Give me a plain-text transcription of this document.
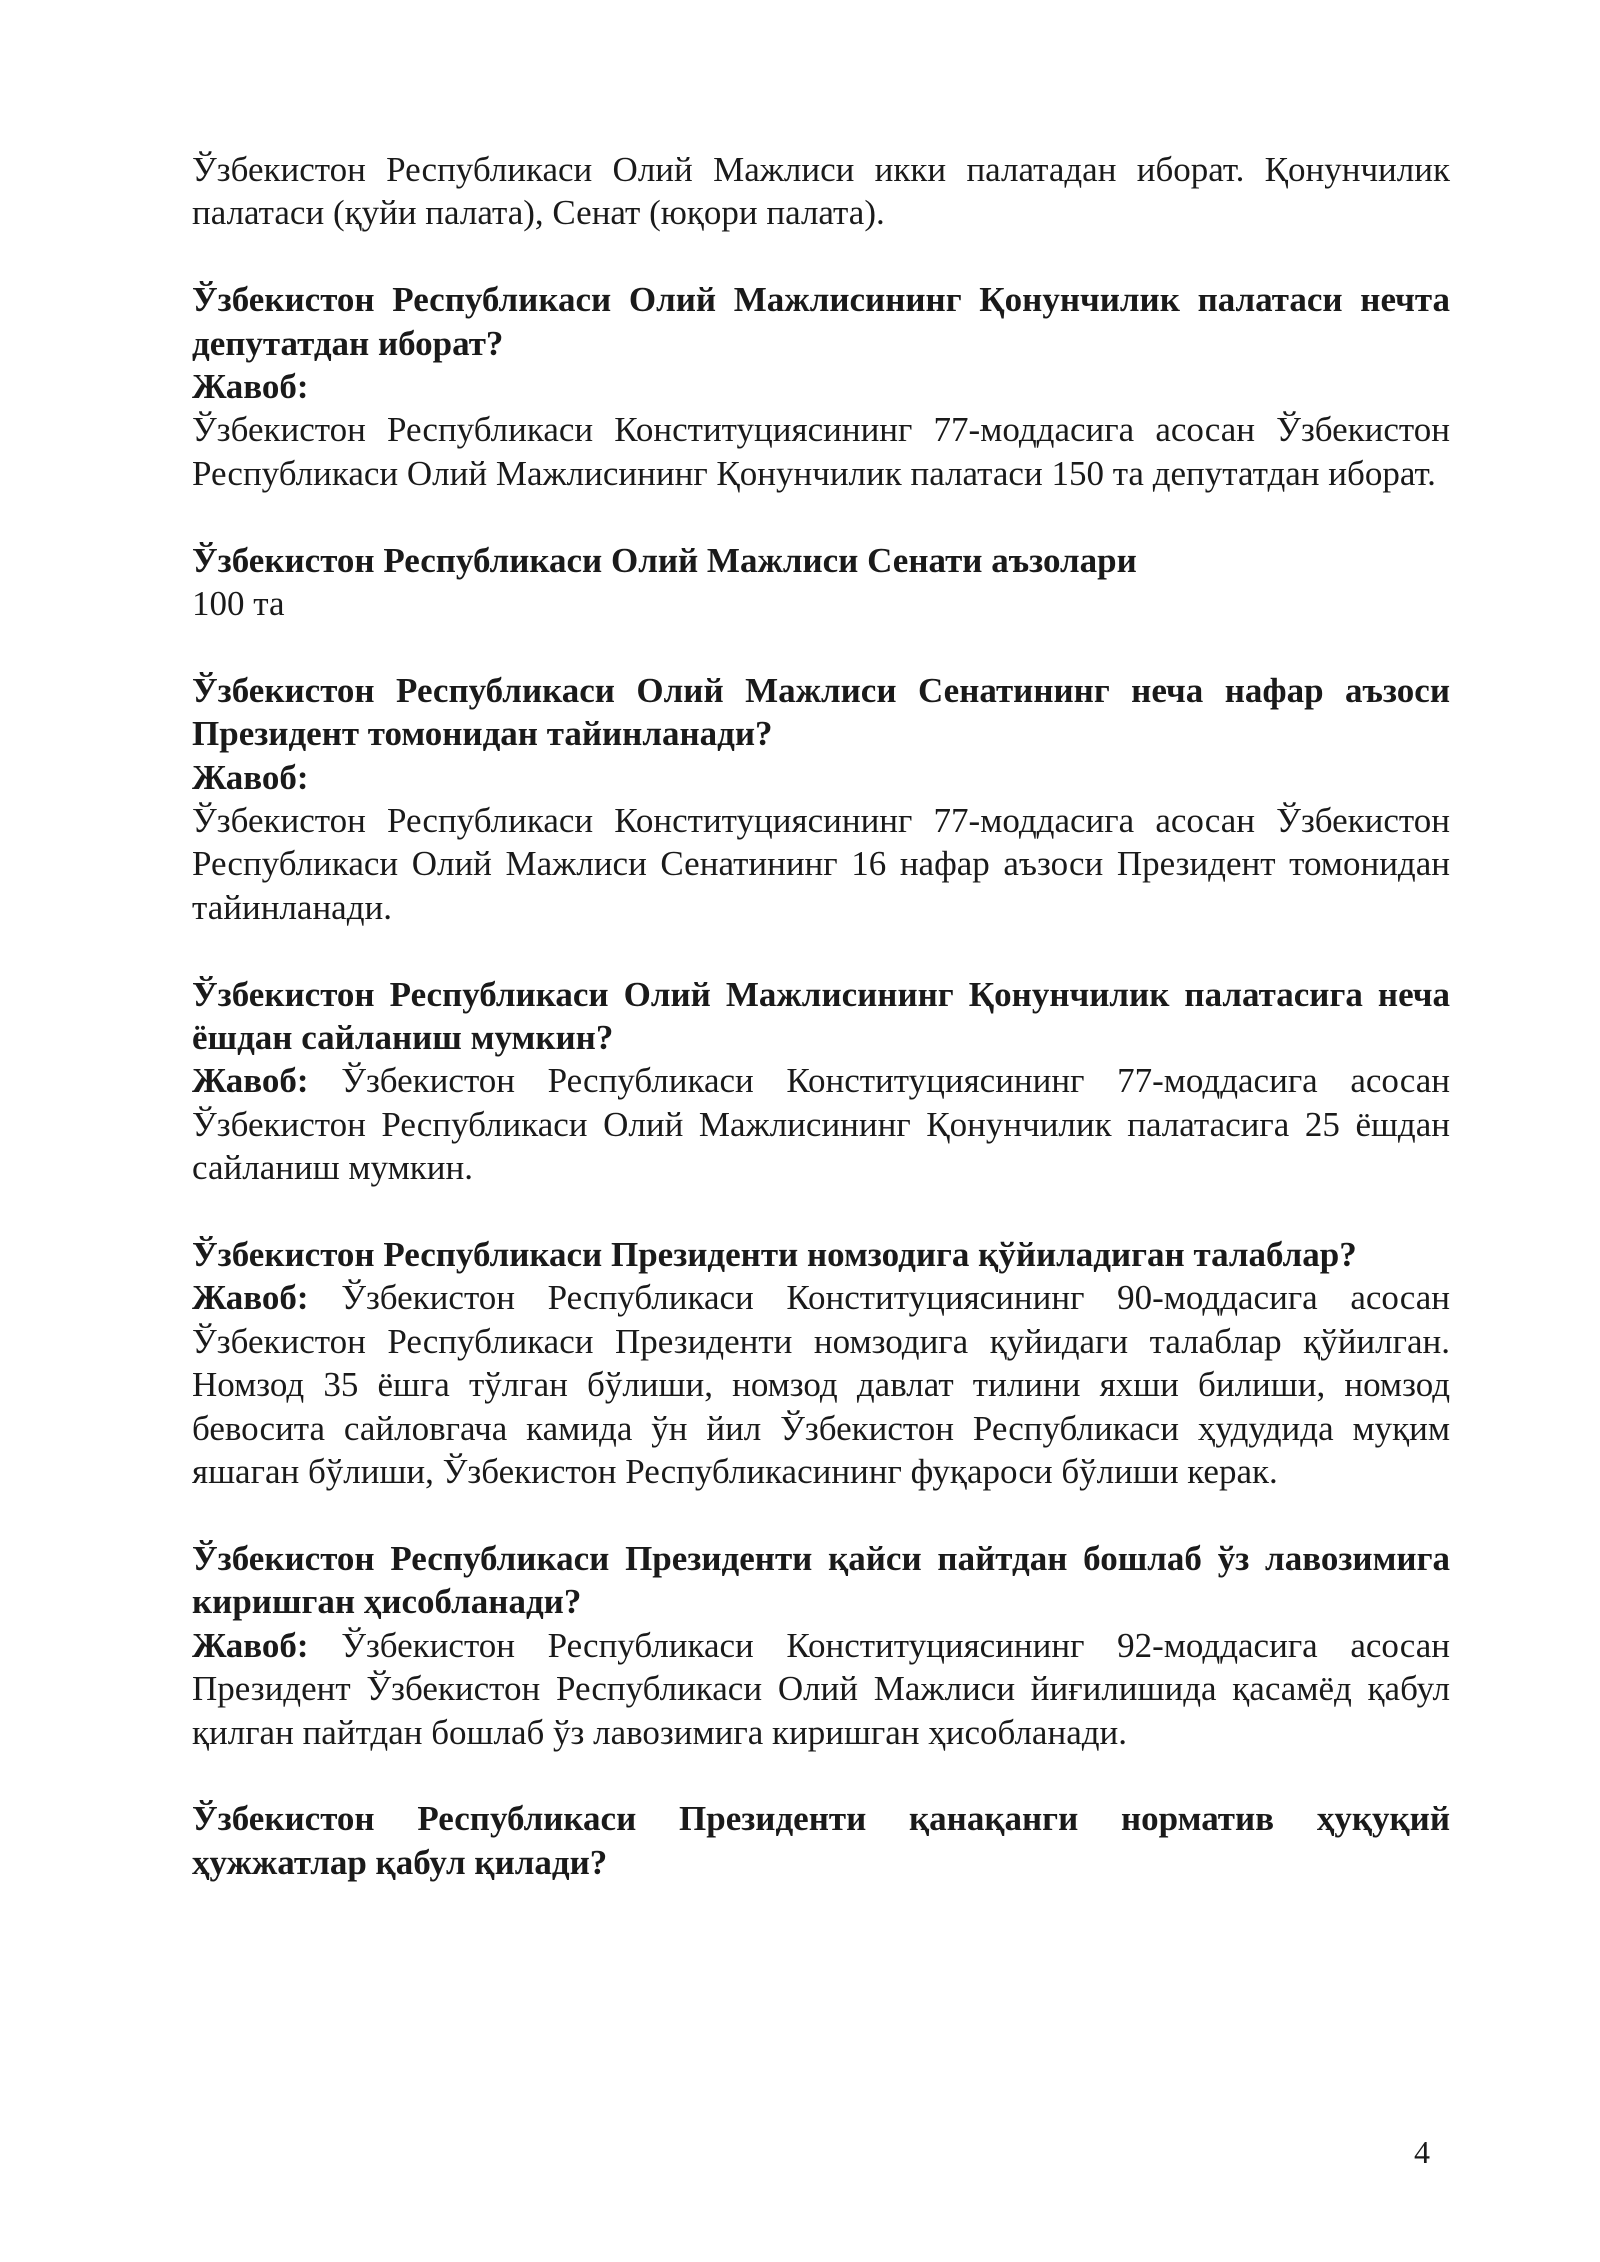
Ўзбекистон Республикаси Олий Мажлиси икки палатадан иборат. Қонунчилик палатаси (қуйи палата), Сенат (юқори палата).

Ўзбекистон Республикаси Олий Мажлисининг Қонунчилик палатаси нечта депутатдан иборат?

Жавоб:

Ўзбекистон Республикаси Конституциясининг 77-моддасига асосан Ўзбекистон Республикаси Олий Мажлисининг Қонунчилик палатаси 150 та депутатдан иборат.

Ўзбекистон Республикаси Олий Мажлиси Сенати аъзолари

100 та

Ўзбекистон Республикаси Олий Мажлиси Сенатининг неча нафар аъзоси Президент томонидан тайинланади?

Жавоб:

Ўзбекистон Республикаси Конституциясининг 77-моддасига асосан Ўзбекистон Республикаси Олий Мажлиси Сенатининг 16 нафар аъзоси Президент томонидан тайинланади.

Ўзбекистон Республикаси Олий Мажлисининг Қонунчилик палатасига неча ёшдан сайланиш мумкин?

Жавоб: Ўзбекистон Республикаси Конституциясининг 77-моддасига асосан Ўзбекистон Республикаси Олий Мажлисининг Қонунчилик палатасига 25 ёшдан сайланиш мумкин.

Ўзбекистон Республикаси Президенти номзодига қўйиладиган талаблар?

Жавоб: Ўзбекистон Республикаси Конституциясининг 90-моддасига асосан Ўзбекистон Республикаси Президенти номзодига қуйидаги талаблар қўйилган. Номзод 35 ёшга тўлган бўлиши, номзод давлат тилини яхши билиши, номзод бевосита сайловгача камида ўн йил Ўзбекистон Республикаси ҳудудида муқим яшаган бўлиши, Ўзбекистон Республикасининг фуқароси бўлиши керак.

Ўзбекистон Республикаси Президенти қайси пайтдан бошлаб ўз лавозимига киришган ҳисобланади?

Жавоб: Ўзбекистон Республикаси Конституциясининг 92-моддасига асосан Президент Ўзбекистон Республикаси Олий Мажлиси йиғилишида қасамёд қабул қилган пайтдан бошлаб ўз лавозимига киришган ҳисобланади.

Ўзбекистон Республикаси Президенти қанақанги норматив ҳуқуқий ҳужжатлар қабул қилади?

4
